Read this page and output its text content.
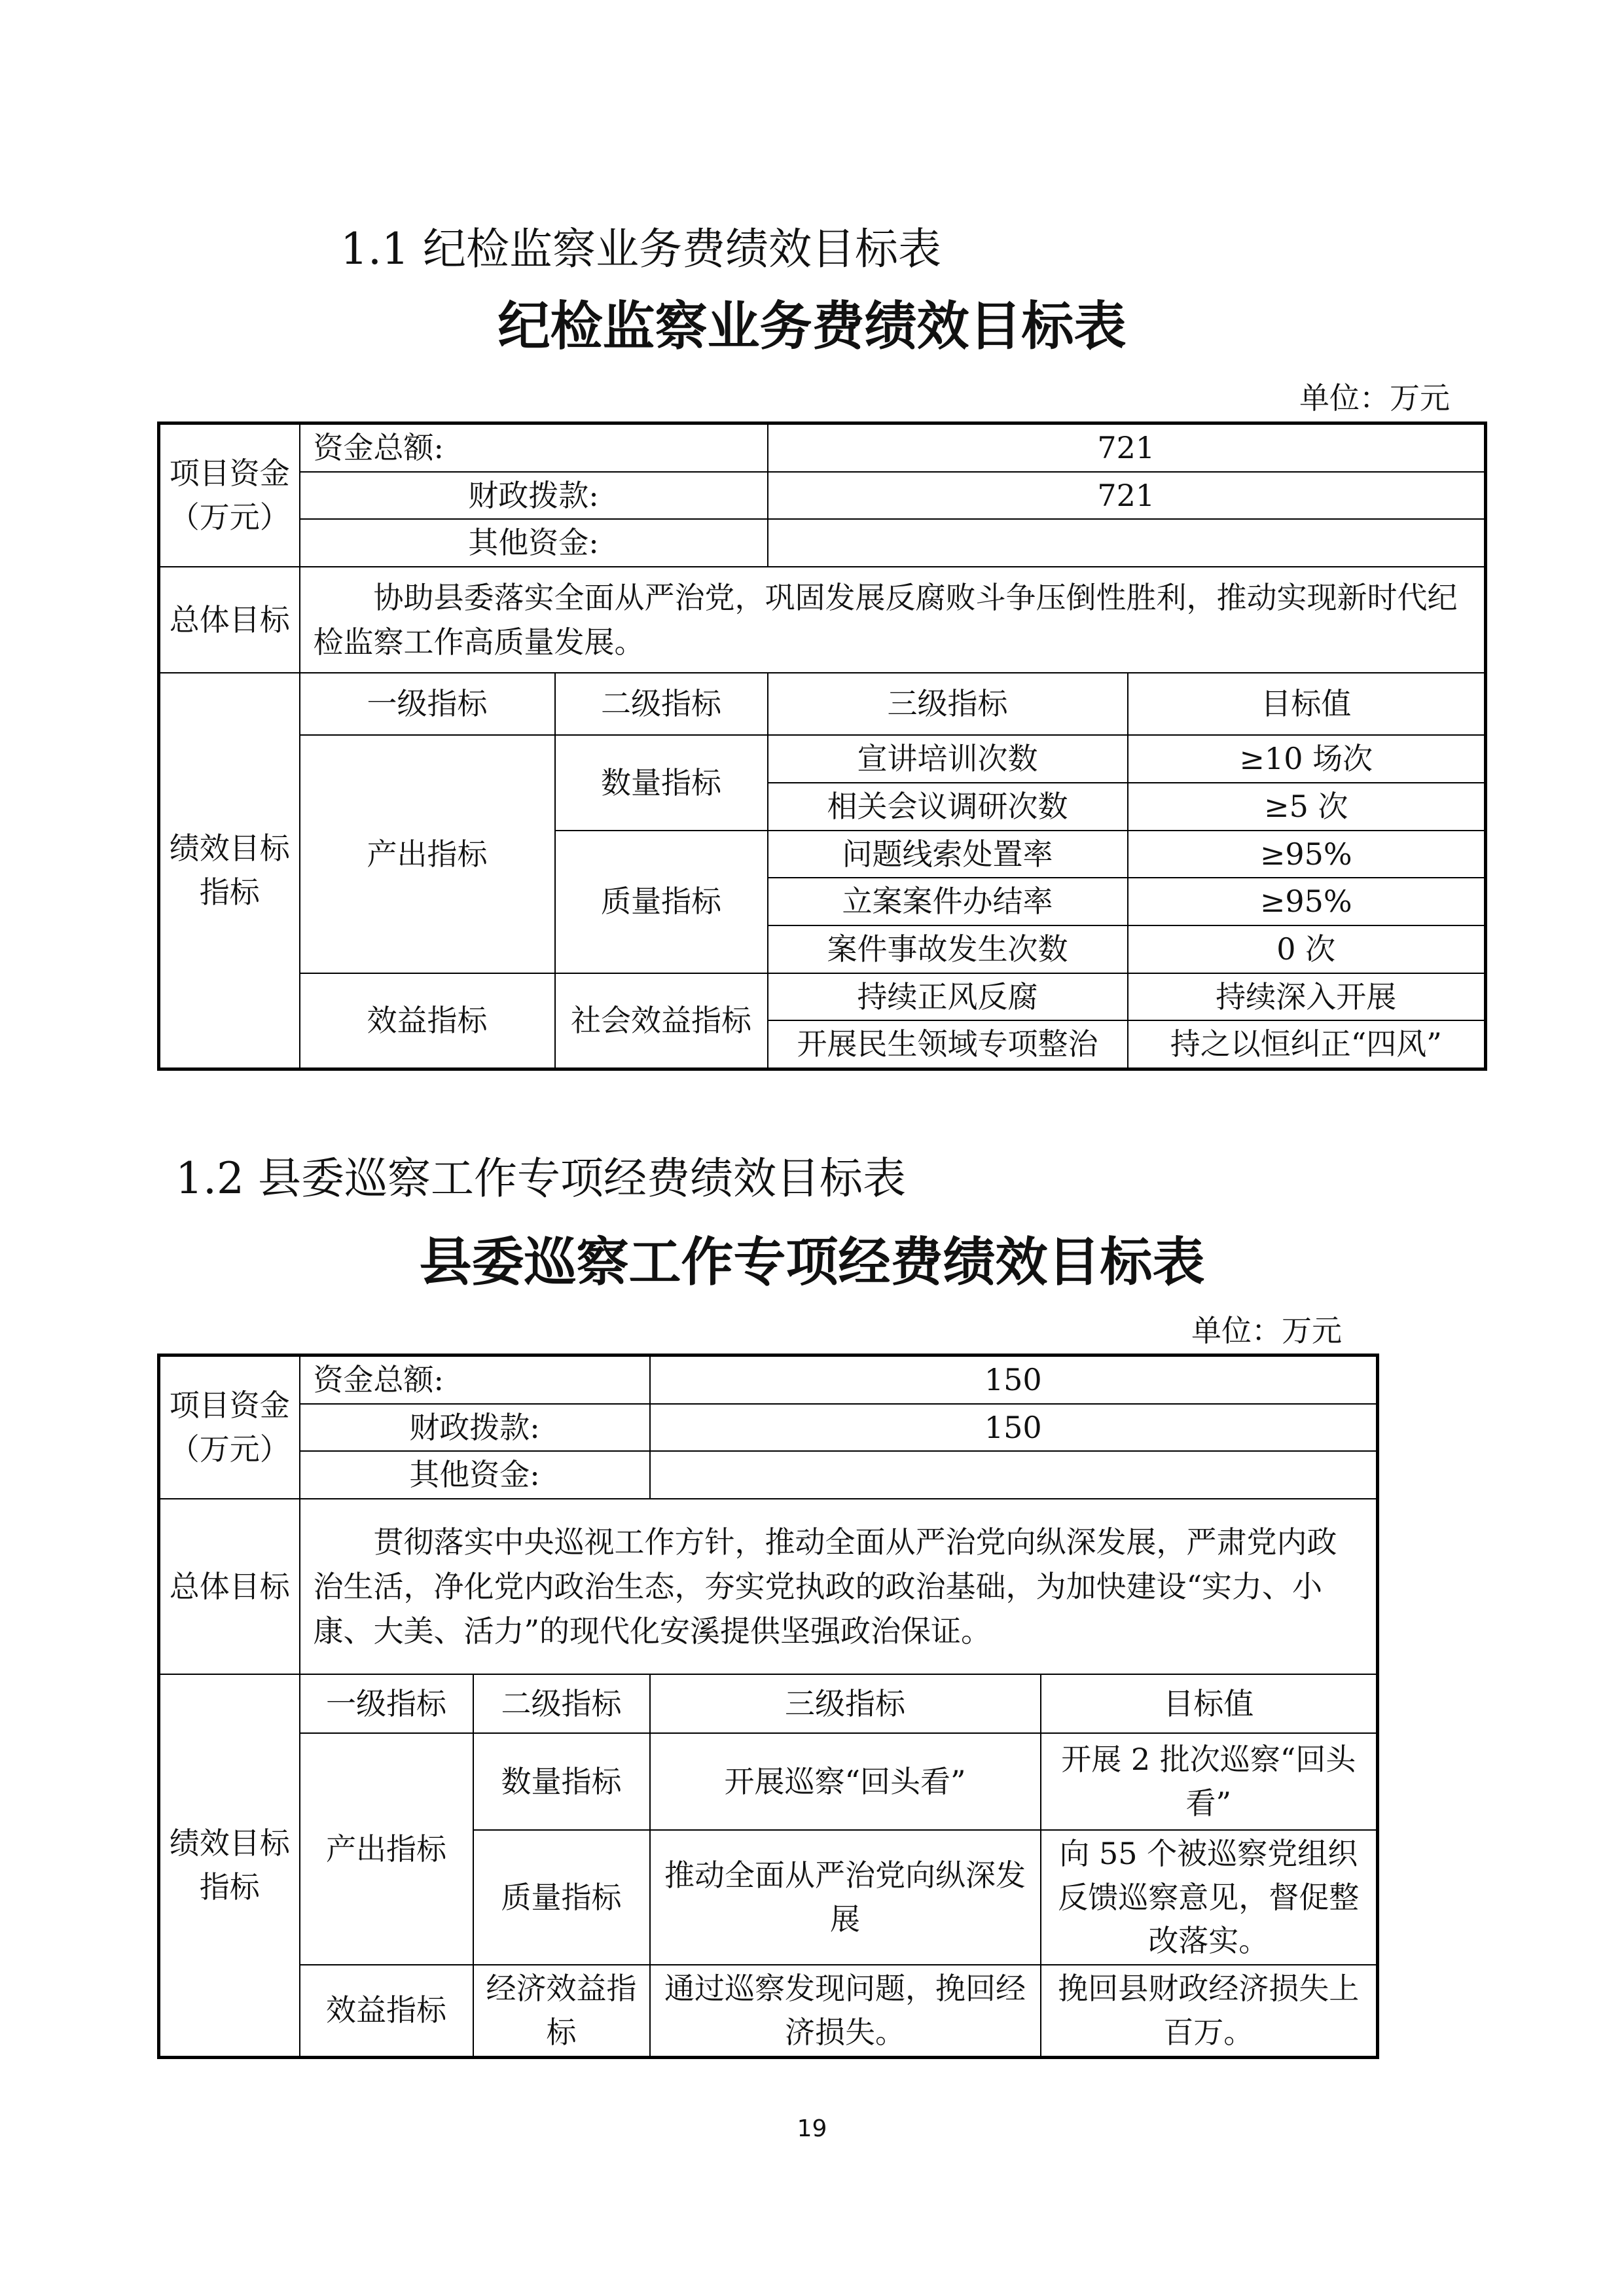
1.1 纪检监察业务费绩效目标表
纪检监察业务费绩效目标表
单位：万元
项目资金（万元）	资金总额:		721	
	财政拨款:		721	
	其他资金:			
总体目标	协助县委落实全面从严治党，巩固发展反腐败斗争压倒性胜利，推动实现新时代纪检监察工作高质量发展。			
绩效目标指标	一级指标	二级指标	三级指标	目标值
	产出指标	数量指标	宣讲培训次数	≥10 场次
			相关会议调研次数	≥5 次
		质量指标	问题线索处置率	≥95%
			立案案件办结率	≥95%
			案件事故发生次数	0 次
	效益指标	社会效益指标	持续正风反腐	持续深入开展
			开展民生领域专项整治	持之以恒纠正“四风”
1.2 县委巡察工作专项经费绩效目标表
县委巡察工作专项经费绩效目标表
单位：万元
项目资金（万元）	资金总额:		150	
	财政拨款:		150	
	其他资金:			
总体目标	贯彻落实中央巡视工作方针，推动全面从严治党向纵深发展，严肃党内政治生活，净化党内政治生态，夯实党执政的政治基础，为加快建设“实力、小康、大美、活力”的现代化安溪提供坚强政治保证。			
绩效目标指标	一级指标	二级指标	三级指标	目标值
	产出指标	数量指标	开展巡察“回头看”	开展 2 批次巡察“回头看”
		质量指标	推动全面从严治党向纵深发展	向 55 个被巡察党组织反馈巡察意见，督促整改落实。
	效益指标	经济效益指标	通过巡察发现问题，挽回经济损失。	挽回县财政经济损失上百万。
19
